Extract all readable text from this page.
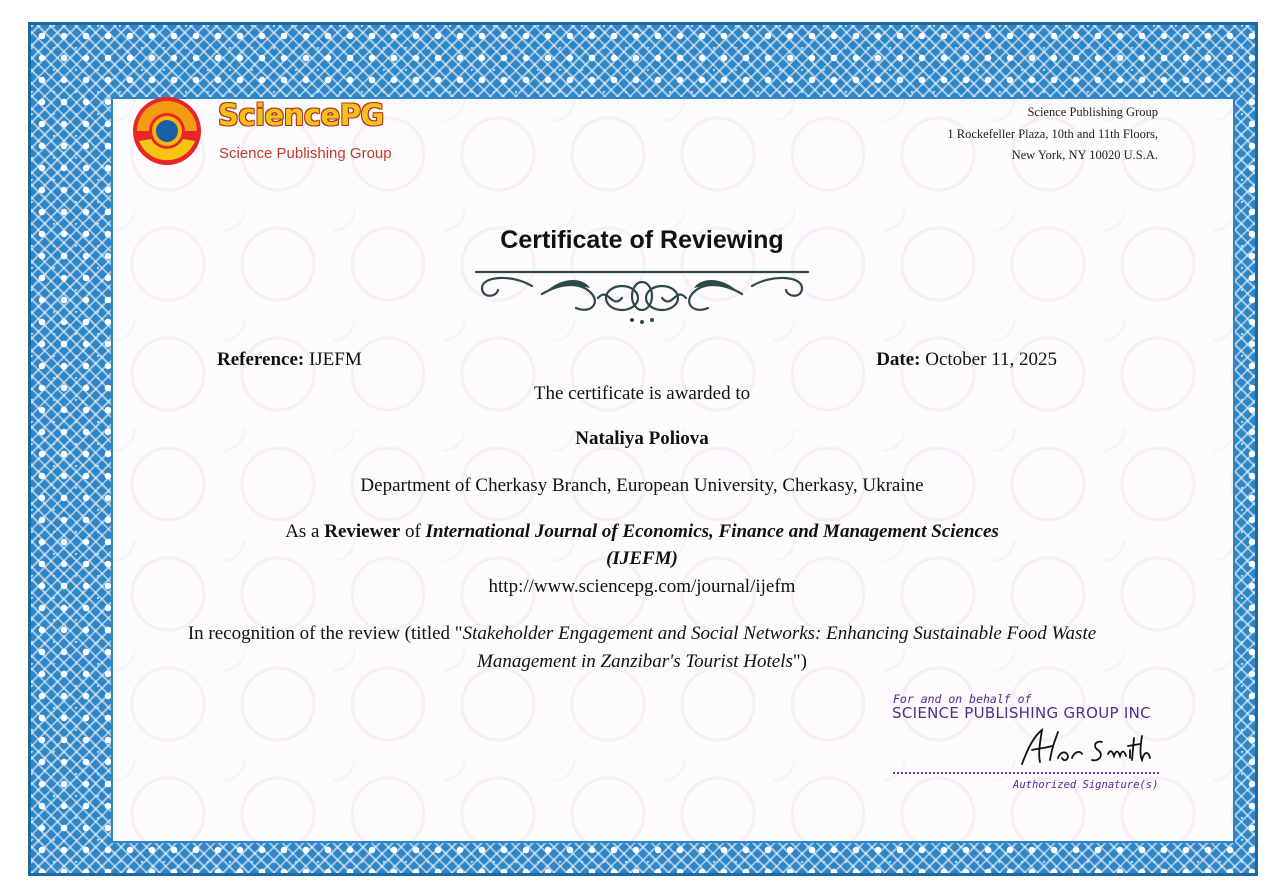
SciencePG
Science Publishing Group
Science Publishing Group
1 Rockefeller Plaza, 10th and 11th Floors,
New York, NY 10020 U.S.A.
Certificate of Reviewing
Reference: IJEFM	Date: October 11, 2025
The certificate is awarded to
Nataliya Poliova
Department of Cherkasy Branch, European University, Cherkasy, Ukraine
As a Reviewer of International Journal of Economics, Finance and Management Sciences
(IJEFM)
http://www.sciencepg.com/journal/ijefm
In recognition of the review (titled "Stakeholder Engagement and Social Networks: Enhancing Sustainable Food Waste
Management in Zanzibar's Tourist Hotels")
For and on behalf of
SCIENCE PUBLISHING GROUP INC
Authorized Signature(s)
